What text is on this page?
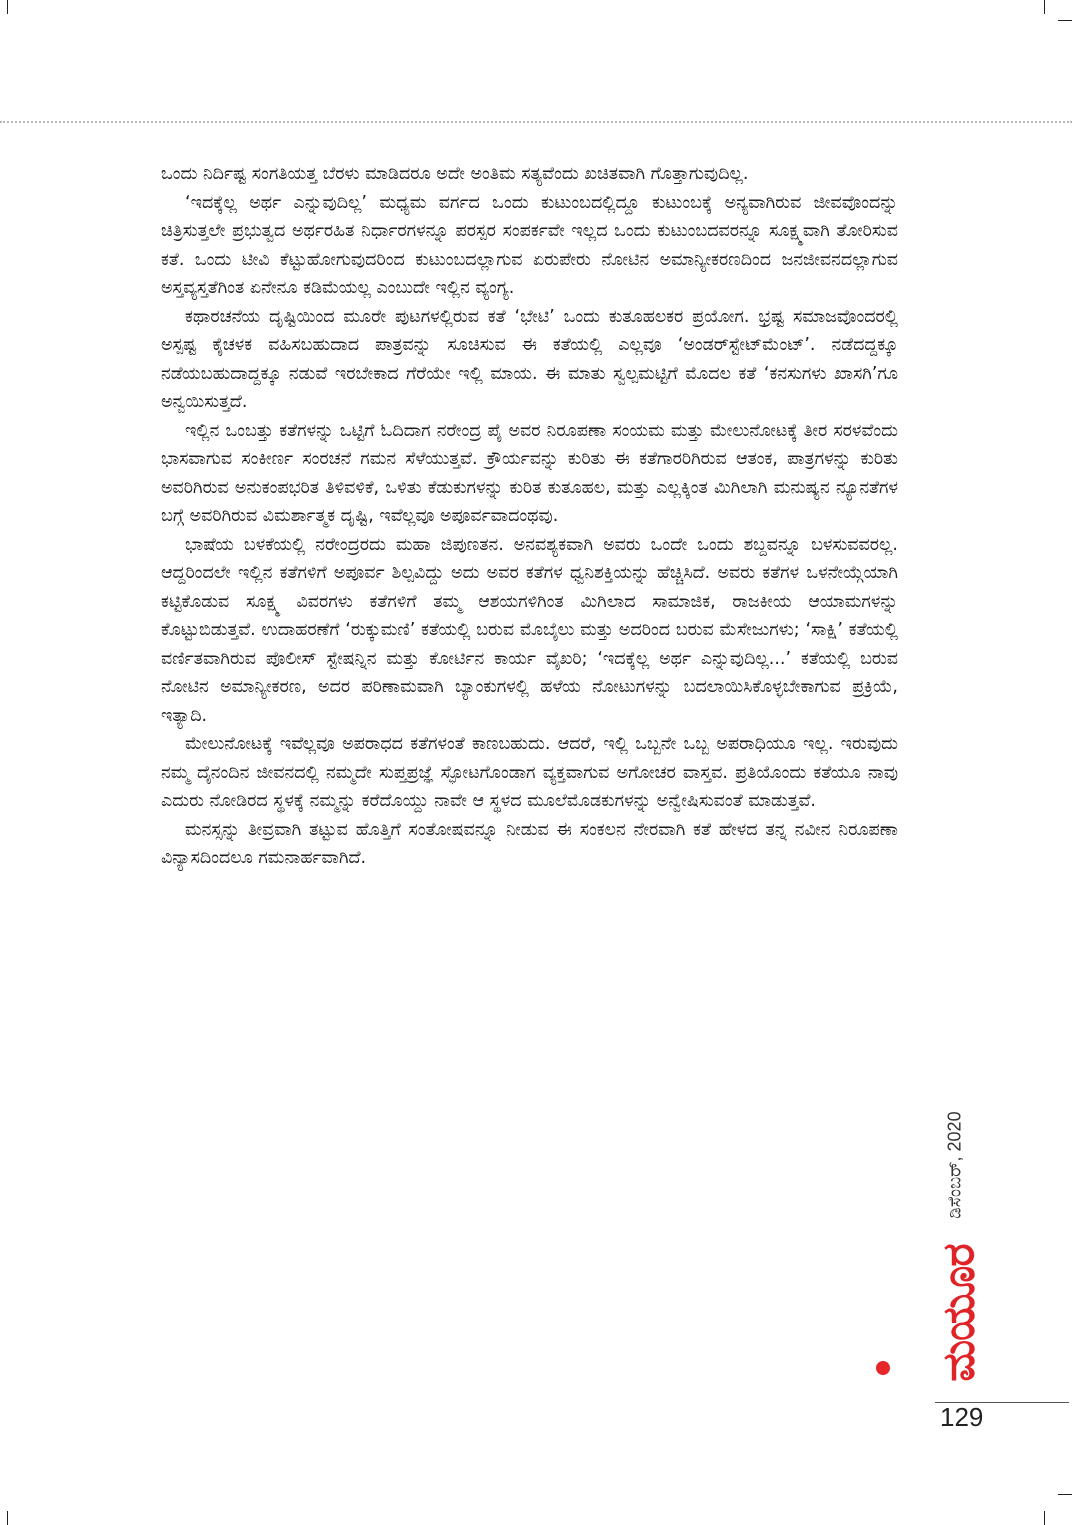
ಒಂದು ನಿರ್ದಿಷ್ಟ ಸಂಗತಿಯತ್ತ ಬೆರಳು ಮಾಡಿದರೂ ಅದೇ ಅಂತಿಮ ಸತ್ಯವೆಂದು ಖಚಿತವಾಗಿ ಗೊತ್ತಾಗುವುದಿಲ್ಲ.

‘ಇದಕ್ಕೆಲ್ಲ ಅರ್ಥ ಎನ್ನುವುದಿಲ್ಲ’ ಮಧ್ಯಮ ವರ್ಗದ ಒಂದು ಕುಟುಂಬದಲ್ಲಿದ್ದೂ ಕುಟುಂಬಕ್ಕೆ ಅನ್ಯವಾಗಿರುವ ಜೀವವೊಂದನ್ನು ಚಿತ್ರಿಸುತ್ತಲೇ ಪ್ರಭುತ್ವದ ಅರ್ಥರಹಿತ ನಿರ್ಧಾರಗಳನ್ನೂ ಪರಸ್ಪರ ಸಂಪರ್ಕವೇ ಇಲ್ಲದ ಒಂದು ಕುಟುಂಬದವರನ್ನೂ ಸೂಕ್ಷ್ಮವಾಗಿ ತೋರಿಸುವ ಕತೆ. ಒಂದು ಟೀವಿ ಕೆಟ್ಟುಹೋಗುವುದರಿಂದ ಕುಟುಂಬದಲ್ಲಾಗುವ ಏರುಪೇರು ನೋಟಿನ ಅಮಾನ್ಯೀಕರಣದಿಂದ ಜನಜೀವನದಲ್ಲಾಗುವ ಅಸ್ತವ್ಯಸ್ತತೆಗಿಂತ ಏನೇನೂ ಕಡಿಮೆಯಲ್ಲ ಎಂಬುದೇ ಇಲ್ಲಿನ ವ್ಯಂಗ್ಯ.

ಕಥಾರಚನೆಯ ದೃಷ್ಟಿಯಿಂದ ಮೂರೇ ಪುಟಗಳಲ್ಲಿರುವ ಕತೆ ‘ಭೇಟಿ’ ಒಂದು ಕುತೂಹಲಕರ ಪ್ರಯೋಗ. ಭ್ರಷ್ಟ ಸಮಾಜವೊಂದರಲ್ಲಿ ಅಸ್ಪಷ್ಟ ಕೈಚಳಕ ವಹಿಸಬಹುದಾದ ಪಾತ್ರವನ್ನು ಸೂಚಿಸುವ ಈ ಕತೆಯಲ್ಲಿ ಎಲ್ಲವೂ ‘ಅಂಡರ್‌ಸ್ಟೇಟ್‌ಮೆಂಟ್’. ನಡೆದದ್ದಕ್ಕೂ ನಡೆಯಬಹುದಾದ್ದಕ್ಕೂ ನಡುವೆ ಇರಬೇಕಾದ ಗೆರೆಯೇ ಇಲ್ಲಿ ಮಾಯ. ಈ ಮಾತು ಸ್ವಲ್ಪಮಟ್ಟಿಗೆ ಮೊದಲ ಕತೆ ‘ಕನಸುಗಳು ಖಾಸಗಿ’ಗೂ ಅನ್ವಯಿಸುತ್ತದೆ.

ಇಲ್ಲಿನ ಒಂಬತ್ತು ಕತೆಗಳನ್ನು ಒಟ್ಟಿಗೆ ಓದಿದಾಗ ನರೇಂದ್ರ ಪೈ ಅವರ ನಿರೂಪಣಾ ಸಂಯಮ ಮತ್ತು ಮೇಲುನೋಟಕ್ಕೆ ತೀರ ಸರಳವೆಂದು ಭಾಸವಾಗುವ ಸಂಕೀರ್ಣ ಸಂರಚನೆ ಗಮನ ಸೆಳೆಯುತ್ತವೆ. ಕ್ರೌರ್ಯವನ್ನು ಕುರಿತು ಈ ಕತೆಗಾರರಿಗಿರುವ ಆತಂಕ, ಪಾತ್ರಗಳನ್ನು ಕುರಿತು ಅವರಿಗಿರುವ ಅನುಕಂಪಭರಿತ ತಿಳಿವಳಿಕೆ, ಒಳಿತು ಕೆಡುಕುಗಳನ್ನು ಕುರಿತ ಕುತೂಹಲ, ಮತ್ತು ಎಲ್ಲಕ್ಕಿಂತ ಮಿಗಿಲಾಗಿ ಮನುಷ್ಯನ ನ್ಯೂನತೆಗಳ ಬಗ್ಗೆ ಅವರಿಗಿರುವ ವಿಮರ್ಶಾತ್ಮಕ ದೃಷ್ಟಿ, ಇವೆಲ್ಲವೂ ಅಪೂರ್ವವಾದಂಥವು.

ಭಾಷೆಯ ಬಳಕೆಯಲ್ಲಿ ನರೇಂದ್ರರದು ಮಹಾ ಜಿಪುಣತನ. ಅನವಶ್ಯಕವಾಗಿ ಅವರು ಒಂದೇ ಒಂದು ಶಬ್ದವನ್ನೂ ಬಳಸುವವರಲ್ಲ. ಆದ್ದರಿಂದಲೇ ಇಲ್ಲಿನ ಕತೆಗಳಿಗೆ ಅಪೂರ್ವ ಶಿಲ್ಪವಿದ್ದು ಅದು ಅವರ ಕತೆಗಳ ಧ್ವನಿಶಕ್ತಿಯನ್ನು ಹೆಚ್ಚಿಸಿದೆ. ಅವರು ಕತೆಗಳ ಒಳನೇಯ್ಗೆಯಾಗಿ ಕಟ್ಟಿಕೊಡುವ ಸೂಕ್ಷ್ಮ ವಿವರಗಳು ಕತೆಗಳಿಗೆ ತಮ್ಮ ಆಶಯಗಳಿಗಿಂತ ಮಿಗಿಲಾದ ಸಾಮಾಜಿಕ, ರಾಜಕೀಯ ಆಯಾಮಗಳನ್ನು ಕೊಟ್ಟುಬಿಡುತ್ತವೆ. ಉದಾಹರಣೆಗೆ ‘ರುಕ್ಕುಮಣಿ’ ಕತೆಯಲ್ಲಿ ಬರುವ ಮೊಬೈಲು ಮತ್ತು ಅದರಿಂದ ಬರುವ ಮೆಸೇಜುಗಳು; ‘ಸಾಕ್ಷಿ’ ಕತೆಯಲ್ಲಿ ವರ್ಣಿತವಾಗಿರುವ ಪೊಲೀಸ್ ಸ್ಟೇಷನ್ನಿನ ಮತ್ತು ಕೋರ್ಟಿನ ಕಾರ್ಯ ವೈಖರಿ; ‘ಇದಕ್ಕೆಲ್ಲ ಅರ್ಥ ಎನ್ನುವುದಿಲ್ಲ...’ ಕತೆಯಲ್ಲಿ ಬರುವ ನೋಟಿನ ಅಮಾನ್ಯೀಕರಣ, ಅದರ ಪರಿಣಾಮವಾಗಿ ಬ್ಯಾಂಕುಗಳಲ್ಲಿ ಹಳೆಯ ನೋಟುಗಳನ್ನು ಬದಲಾಯಿಸಿಕೊಳ್ಳಬೇಕಾಗುವ ಪ್ರಕ್ರಿಯೆ, ಇತ್ಯಾದಿ.

ಮೇಲುನೋಟಕ್ಕೆ ಇವೆಲ್ಲವೂ ಅಪರಾಧದ ಕತೆಗಳಂತೆ ಕಾಣಬಹುದು. ಆದರೆ, ಇಲ್ಲಿ ಒಬ್ಬನೇ ಒಬ್ಬ ಅಪರಾಧಿಯೂ ಇಲ್ಲ. ಇರುವುದು ನಮ್ಮ ದೈನಂದಿನ ಜೀವನದಲ್ಲಿ ನಮ್ಮದೇ ಸುಪ್ತಪ್ರಜ್ಞೆ ಸ್ಫೋಟಗೊಂಡಾಗ ವ್ಯಕ್ತವಾಗುವ ಅಗೋಚರ ವಾಸ್ತವ. ಪ್ರತಿಯೊಂದು ಕತೆಯೂ ನಾವು ಎದುರು ನೋಡಿರದ ಸ್ಥಳಕ್ಕೆ ನಮ್ಮನ್ನು ಕರೆದೊಯ್ದು ನಾವೇ ಆ ಸ್ಥಳದ ಮೂಲೆಮೊಡಕುಗಳನ್ನು ಅನ್ವೇಷಿಸುವಂತೆ ಮಾಡುತ್ತವೆ.

ಮನಸ್ಸನ್ನು ತೀವ್ರವಾಗಿ ತಟ್ಟುವ ಹೊತ್ತಿಗೆ ಸಂತೋಷವನ್ನೂ ನೀಡುವ ಈ ಸಂಕಲನ ನೇರವಾಗಿ ಕತೆ ಹೇಳದ ತನ್ನ ನವೀನ ನಿರೂಪಣಾ ವಿನ್ಯಾಸದಿಂದಲೂ ಗಮನಾರ್ಹವಾಗಿದೆ.

ಡಿಸೆಂಬರ್, 2020
ಮಯೂರ
129
